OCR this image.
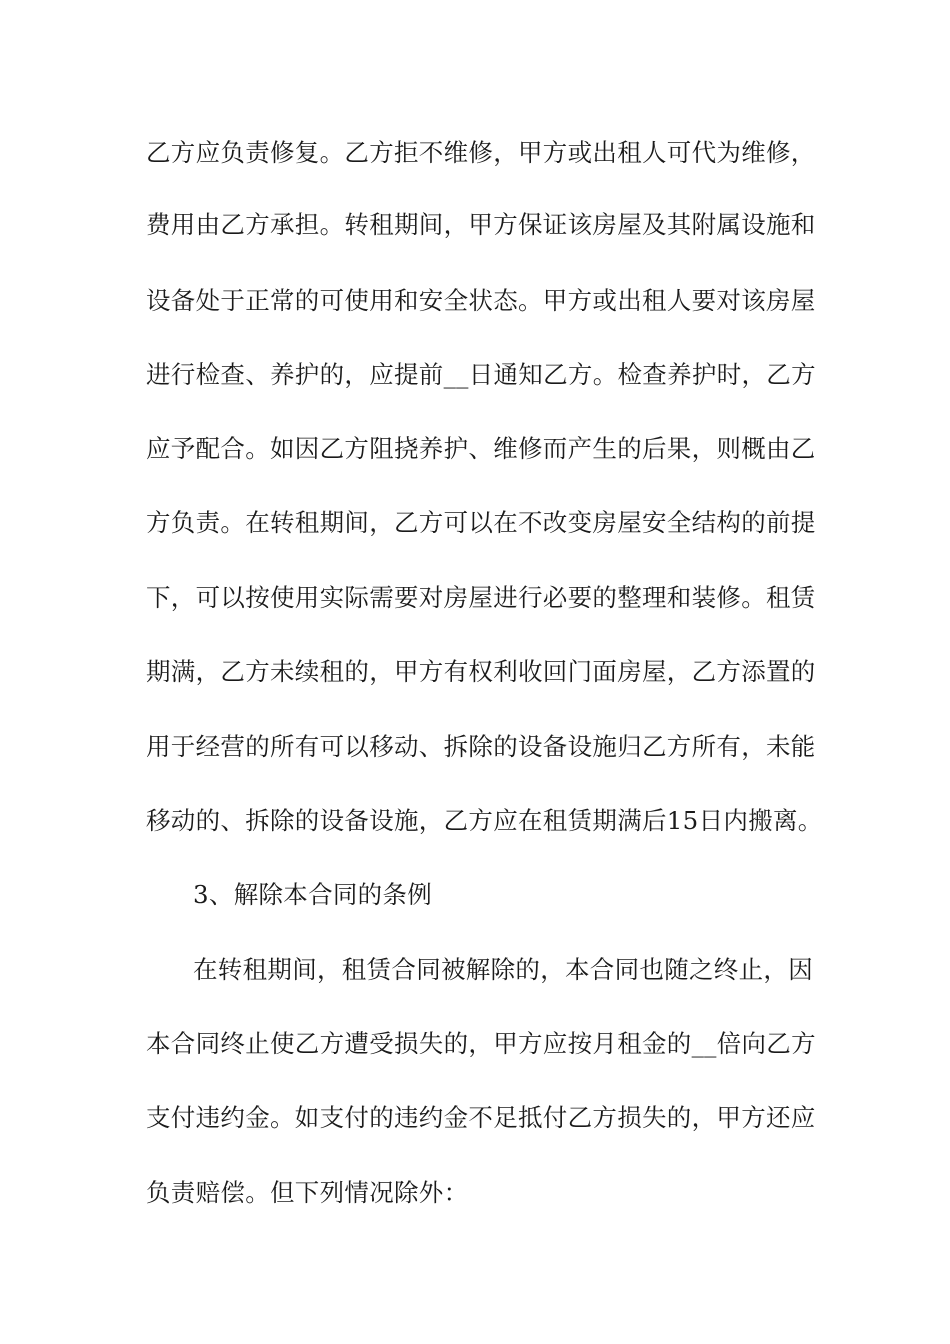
乙方应负责修复。乙方拒不维修，甲方或出租人可代为维修，
费用由乙方承担。转租期间，甲方保证该房屋及其附属设施和
设备处于正常的可使用和安全状态。甲方或出租人要对该房屋
进行检查、养护的，应提前__日通知乙方。检查养护时，乙方
应予配合。如因乙方阻挠养护、维修而产生的后果，则概由乙
方负责。在转租期间，乙方可以在不改变房屋安全结构的前提
下，可以按使用实际需要对房屋进行必要的整理和装修。租赁
期满，乙方未续租的，甲方有权利收回门面房屋，乙方添置的
用于经营的所有可以移动、拆除的设备设施归乙方所有，未能
移动的、拆除的设备设施，乙方应在租赁期满后15日内搬离。
3、解除本合同的条例
在转租期间，租赁合同被解除的，本合同也随之终止，因
本合同终止使乙方遭受损失的，甲方应按月租金的__倍向乙方
支付违约金。如支付的违约金不足抵付乙方损失的，甲方还应
负责赔偿。但下列情况除外：
